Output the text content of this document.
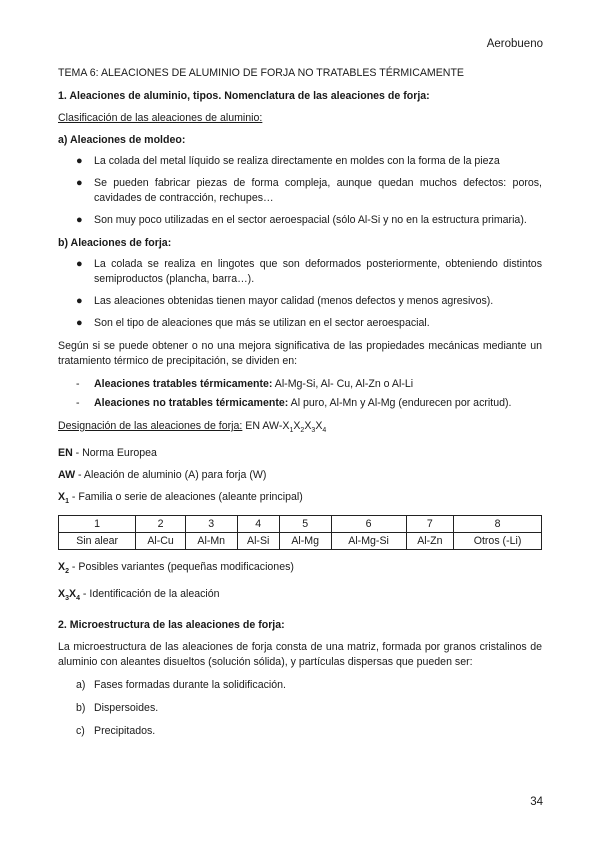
Aerobueno
TEMA 6: ALEACIONES DE ALUMINIO DE FORJA NO TRATABLES TÉRMICAMENTE
1. Aleaciones de aluminio, tipos. Nomenclatura de las aleaciones de forja:
Clasificación de las aleaciones de aluminio:
a) Aleaciones de moldeo:
● La colada del metal líquido se realiza directamente en moldes con la forma de la pieza
● Se pueden fabricar piezas de forma compleja, aunque quedan muchos defectos: poros, cavidades de contracción, rechupes…
● Son muy poco utilizadas en el sector aeroespacial (sólo Al-Si y no en la estructura primaria).
b) Aleaciones de forja:
● La colada se realiza en lingotes que son deformados posteriormente, obteniendo distintos semiproductos (plancha, barra…).
● Las aleaciones obtenidas tienen mayor calidad (menos defectos y menos agresivos).
● Son el tipo de aleaciones que más se utilizan en el sector aeroespacial.
Según si se puede obtener o no una mejora significativa de las propiedades mecánicas mediante un tratamiento térmico de precipitación, se dividen en:
- Aleaciones tratables térmicamente: Al-Mg-Si, Al- Cu, Al-Zn o Al-Li
- Aleaciones no tratables térmicamente: Al puro, Al-Mn y Al-Mg (endurecen por acritud).
Designación de las aleaciones de forja: EN $AW-X_1X_2X_3X_4$
EN - Norma Europea
AW - Aleación de aluminio (A) para forja (W)
$X_1$ - Familia o serie de aleaciones (aleante principal)
1	2	3	4	5	6	7	8
Sin alear	Al-Cu	Al-Mn	Al-Si	Al-Mg	Al-Mg-Si	Al-Zn	Otros (-Li)
$X_2$ - Posibles variantes (pequeñas modificaciones)
$X_3X_4$ - Identificación de la aleación
2. Microestructura de las aleaciones de forja:
La microestructura de las aleaciones de forja consta de una matriz, formada por granos cristalinos de aluminio con aleantes disueltos (solución sólida), y partículas dispersas que pueden ser:
a) Fases formadas durante la solidificación.
b) Dispersoides.
c) Precipitados.
34
